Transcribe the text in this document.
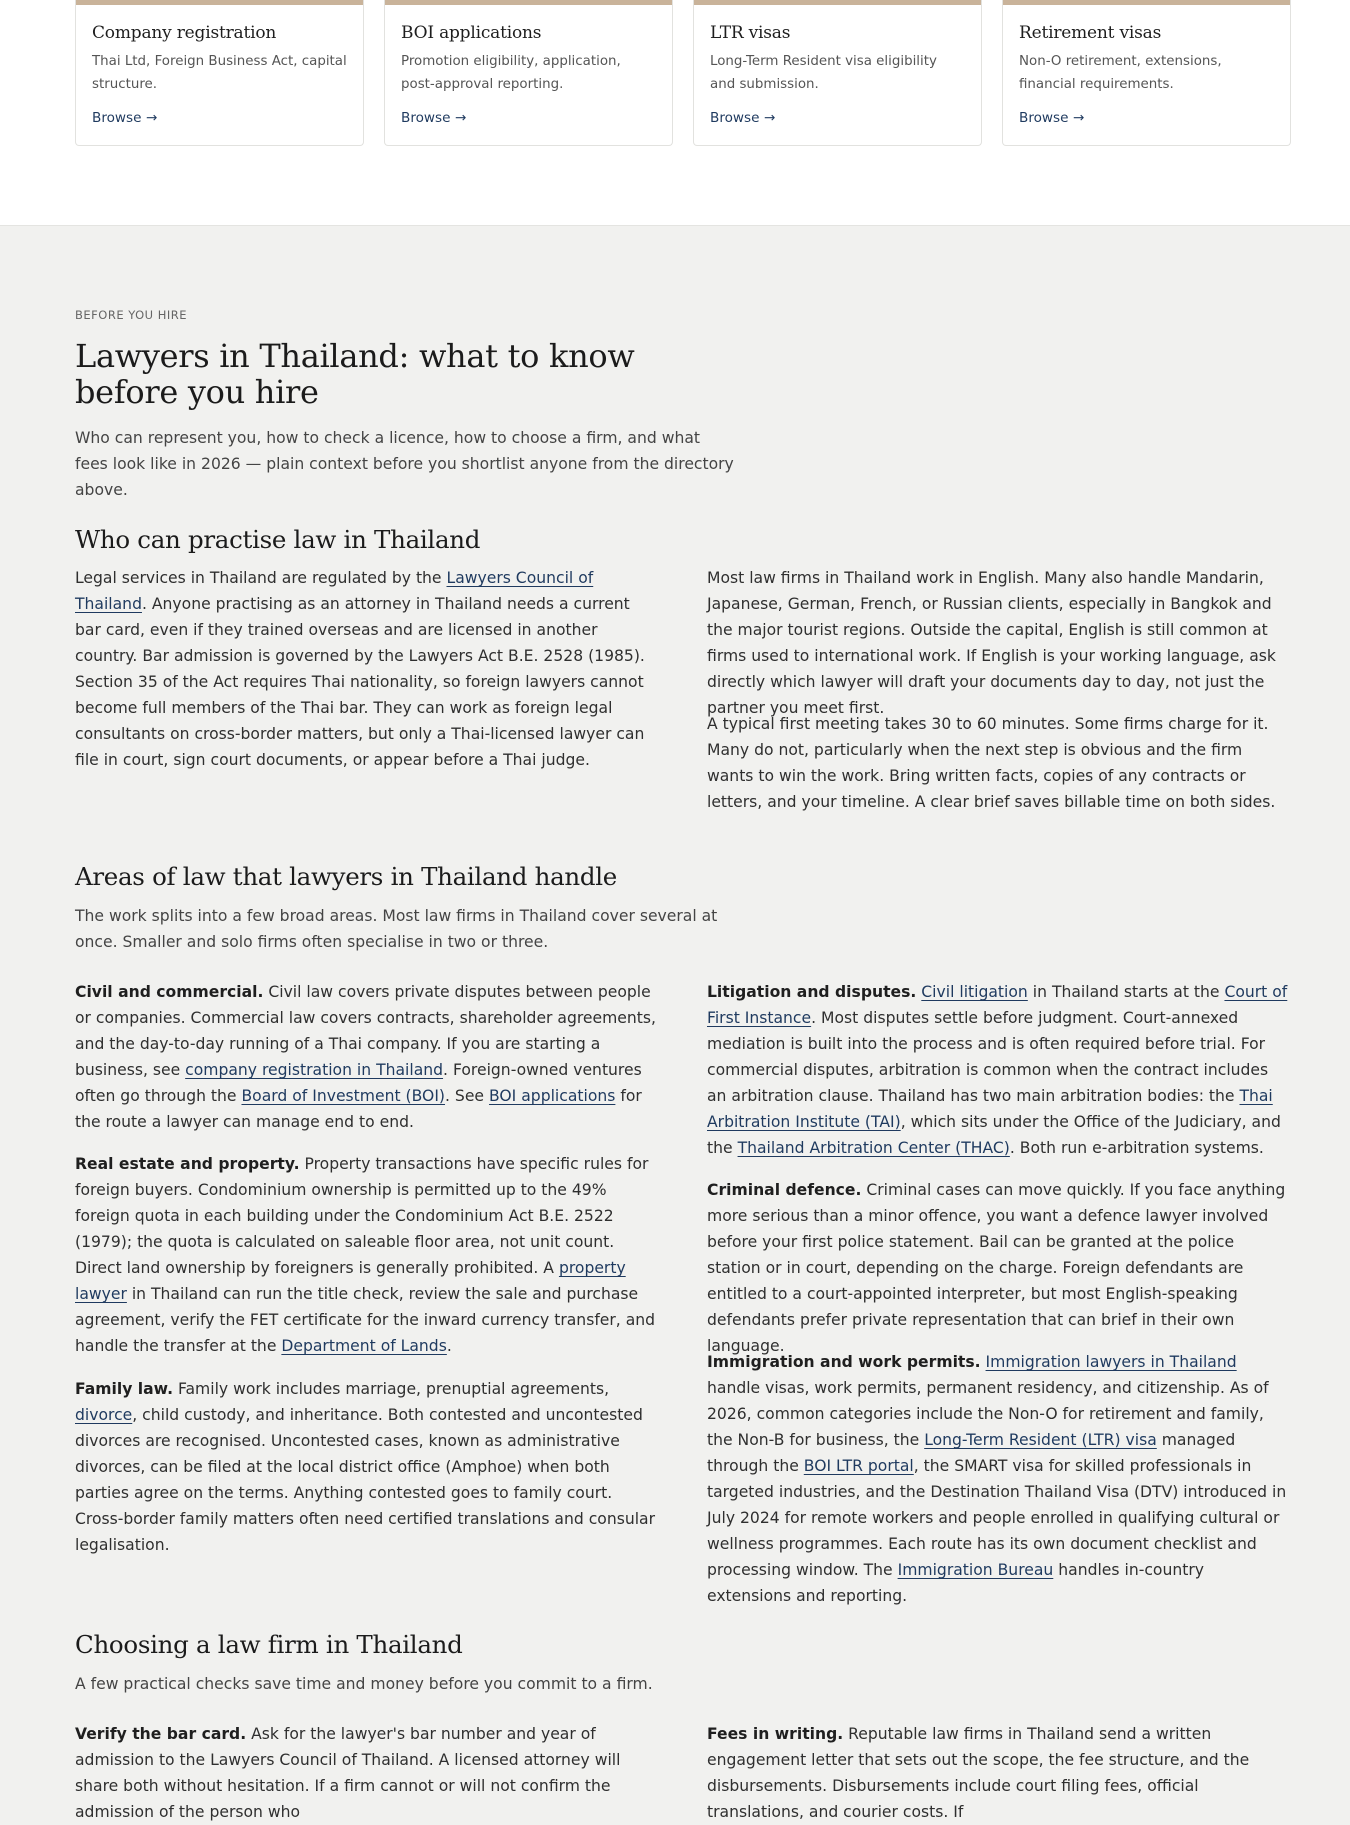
Company registration

Thai Ltd, Foreign Business Act, capital structure.

Browse →
BOI applications

Promotion eligibility, application, post-approval reporting.

Browse →
LTR visas

Long-Term Resident visa eligibility and submission.

Browse →
Retirement visas

Non-O retirement, extensions, financial requirements.

Browse →
BEFORE YOU HIRE
Lawyers in Thailand: what to know before you hire

Who can represent you, how to check a licence, how to choose a firm, and what fees look like in 2026 — plain context before you shortlist anyone from the directory above.

Who can practise law in Thailand

Legal services in Thailand are regulated by the Lawyers Council of Thailand. Anyone practising as an attorney in Thailand needs a current bar card, even if they trained overseas and are licensed in another country. Bar admission is governed by the Lawyers Act B.E. 2528 (1985). Section 35 of the Act requires Thai nationality, so foreign lawyers cannot become full members of the Thai bar. They can work as foreign legal consultants on cross-border matters, but only a Thai-licensed lawyer can file in court, sign court documents, or appear before a Thai judge.

Most law firms in Thailand work in English. Many also handle Mandarin, Japanese, German, French, or Russian clients, especially in Bangkok and the major tourist regions. Outside the capital, English is still common at firms used to international work. If English is your working language, ask directly which lawyer will draft your documents day to day, not just the partner you meet first.

A typical first meeting takes 30 to 60 minutes. Some firms charge for it. Many do not, particularly when the next step is obvious and the firm wants to win the work. Bring written facts, copies of any contracts or letters, and your timeline. A clear brief saves billable time on both sides.

Areas of law that lawyers in Thailand handle

The work splits into a few broad areas. Most law firms in Thailand cover several at once. Smaller and solo firms often specialise in two or three.

Civil and commercial. Civil law covers private disputes between people or companies. Commercial law covers contracts, shareholder agreements, and the day-to-day running of a Thai company. If you are starting a business, see company registration in Thailand. Foreign-owned ventures often go through the Board of Investment (BOI). See BOI applications for the route a lawyer can manage end to end.

Real estate and property. Property transactions have specific rules for foreign buyers. Condominium ownership is permitted up to the 49% foreign quota in each building under the Condominium Act B.E. 2522 (1979); the quota is calculated on saleable floor area, not unit count. Direct land ownership by foreigners is generally prohibited. A property lawyer in Thailand can run the title check, review the sale and purchase agreement, verify the FET certificate for the inward currency transfer, and handle the transfer at the Department of Lands.

Family law. Family work includes marriage, prenuptial agreements, divorce, child custody, and inheritance. Both contested and uncontested divorces are recognised. Uncontested cases, known as administrative divorces, can be filed at the local district office (Amphoe) when both parties agree on the terms. Anything contested goes to family court. Cross-border family matters often need certified translations and consular legalisation.

Litigation and disputes. Civil litigation in Thailand starts at the Court of First Instance. Most disputes settle before judgment. Court-annexed mediation is built into the process and is often required before trial. For commercial disputes, arbitration is common when the contract includes an arbitration clause. Thailand has two main arbitration bodies: the Thai Arbitration Institute (TAI), which sits under the Office of the Judiciary, and the Thailand Arbitration Center (THAC). Both run e-arbitration systems.

Criminal defence. Criminal cases can move quickly. If you face anything more serious than a minor offence, you want a defence lawyer involved before your first police statement. Bail can be granted at the police station or in court, depending on the charge. Foreign defendants are entitled to a court-appointed interpreter, but most English-speaking defendants prefer private representation that can brief in their own language.

Immigration and work permits. Immigration lawyers in Thailand handle visas, work permits, permanent residency, and citizenship. As of 2026, common categories include the Non-O for retirement and family, the Non-B for business, the Long-Term Resident (LTR) visa managed through the BOI LTR portal, the SMART visa for skilled professionals in targeted industries, and the Destination Thailand Visa (DTV) introduced in July 2024 for remote workers and people enrolled in qualifying cultural or wellness programmes. Each route has its own document checklist and processing window. The Immigration Bureau handles in-country extensions and reporting.

Choosing a law firm in Thailand

A few practical checks save time and money before you commit to a firm.

Verify the bar card. Ask for the lawyer's bar number and year of admission to the Lawyers Council of Thailand. A licensed attorney will share both without hesitation. If a firm cannot or will not confirm the admission of the person who

Fees in writing. Reputable law firms in Thailand send a written engagement letter that sets out the scope, the fee structure, and the disbursements. Disbursements include court filing fees, official translations, and courier costs. If
